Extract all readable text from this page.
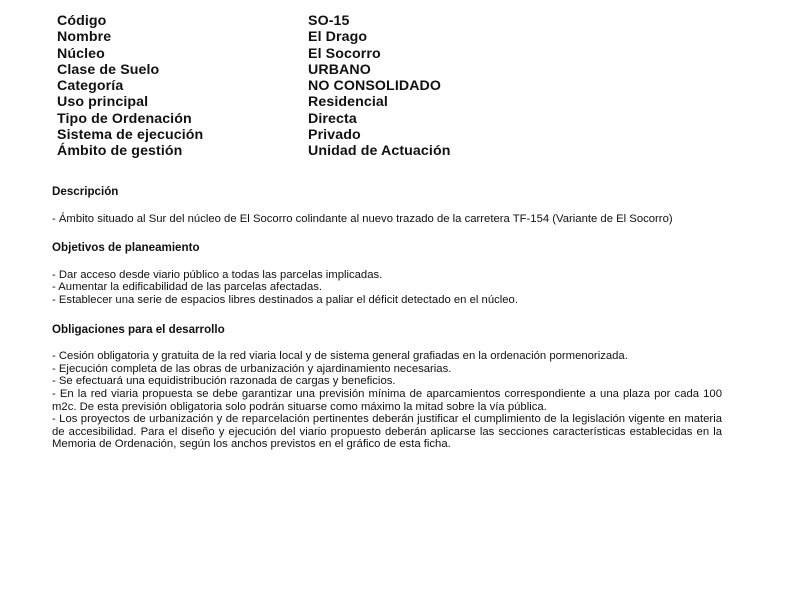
Código	SO-15
Nombre	El Drago
Núcleo	El Socorro
Clase de Suelo	URBANO
Categoría	NO CONSOLIDADO
Uso principal	Residencial
Tipo de Ordenación	Directa
Sistema de ejecución	Privado
Ámbito de gestión	Unidad de Actuación

Descripción

- Ámbito situado al Sur del núcleo de El Socorro colindante al nuevo trazado de la carretera TF-154 (Variante de El Socorro)

Objetivos de planeamiento

- Dar acceso desde viario público a todas las parcelas implicadas.

- Aumentar la edificabilidad de las parcelas afectadas.

- Establecer una serie de espacios libres destinados a paliar el déficit detectado en el núcleo.

Obligaciones para el desarrollo

- Cesión obligatoria y gratuita de la red viaria local y de sistema general grafiadas en la ordenación pormenorizada.

- Ejecución completa de las obras de urbanización y ajardinamiento necesarias.

- Se efectuará una equidistribución razonada de cargas y beneficios.

- En la red viaria propuesta se debe garantizar una previsión mínima de aparcamientos correspondiente a una plaza por cada 100 m2c. De esta previsión obligatoria solo podrán situarse como máximo la mitad sobre la vía pública.

- Los proyectos de urbanización y de reparcelación pertinentes deberán justificar el cumplimiento de la legislación vigente en materia de accesibilidad. Para el diseño y ejecución del viario propuesto deberán aplicarse las secciones características establecidas en la Memoria de Ordenación, según los anchos previstos en el gráfico de esta ficha.
